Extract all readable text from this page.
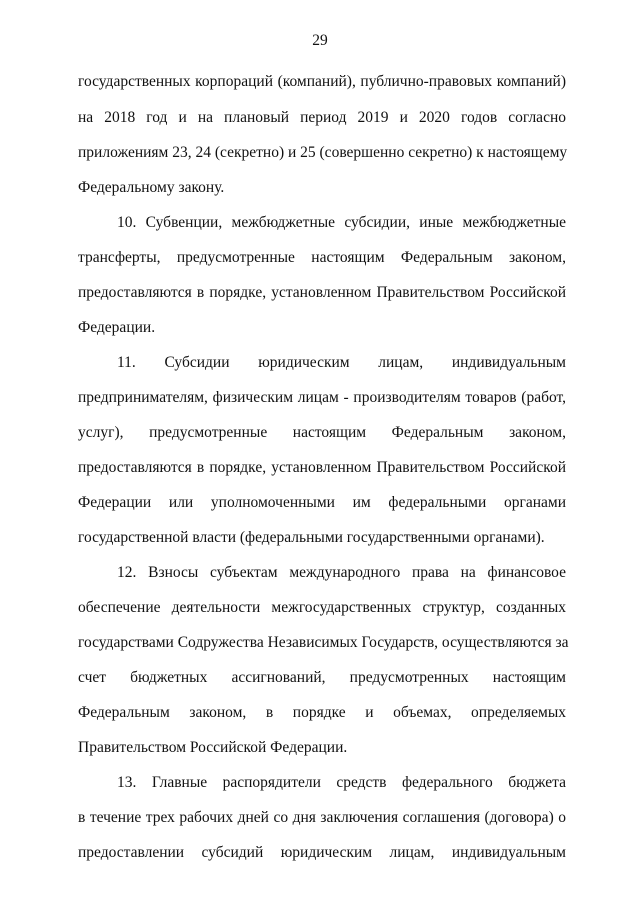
29
государственных корпораций (компаний), публично-правовых компаний)
на 2018 год и на плановый период 2019 и 2020 годов согласно
приложениям 23, 24 (секретно) и 25 (совершенно секретно) к настоящему
Федеральному закону.
10. Субвенции, межбюджетные субсидии, иные межбюджетные
трансферты, предусмотренные настоящим Федеральным законом,
предоставляются в порядке, установленном Правительством Российской
Федерации.
11. Субсидии юридическим лицам, индивидуальным
предпринимателям, физическим лицам - производителям товаров (работ,
услуг), предусмотренные настоящим Федеральным законом,
предоставляются в порядке, установленном Правительством Российской
Федерации или уполномоченными им федеральными органами
государственной власти (федеральными государственными органами).
12. Взносы субъектам международного права на финансовое
обеспечение деятельности межгосударственных структур, созданных
государствами Содружества Независимых Государств, осуществляются за
счет бюджетных ассигнований, предусмотренных настоящим
Федеральным законом, в порядке и объемах, определяемых
Правительством Российской Федерации.
13. Главные распорядители средств федерального бюджета
в течение трех рабочих дней со дня заключения соглашения (договора) о
предоставлении субсидий юридическим лицам, индивидуальным
